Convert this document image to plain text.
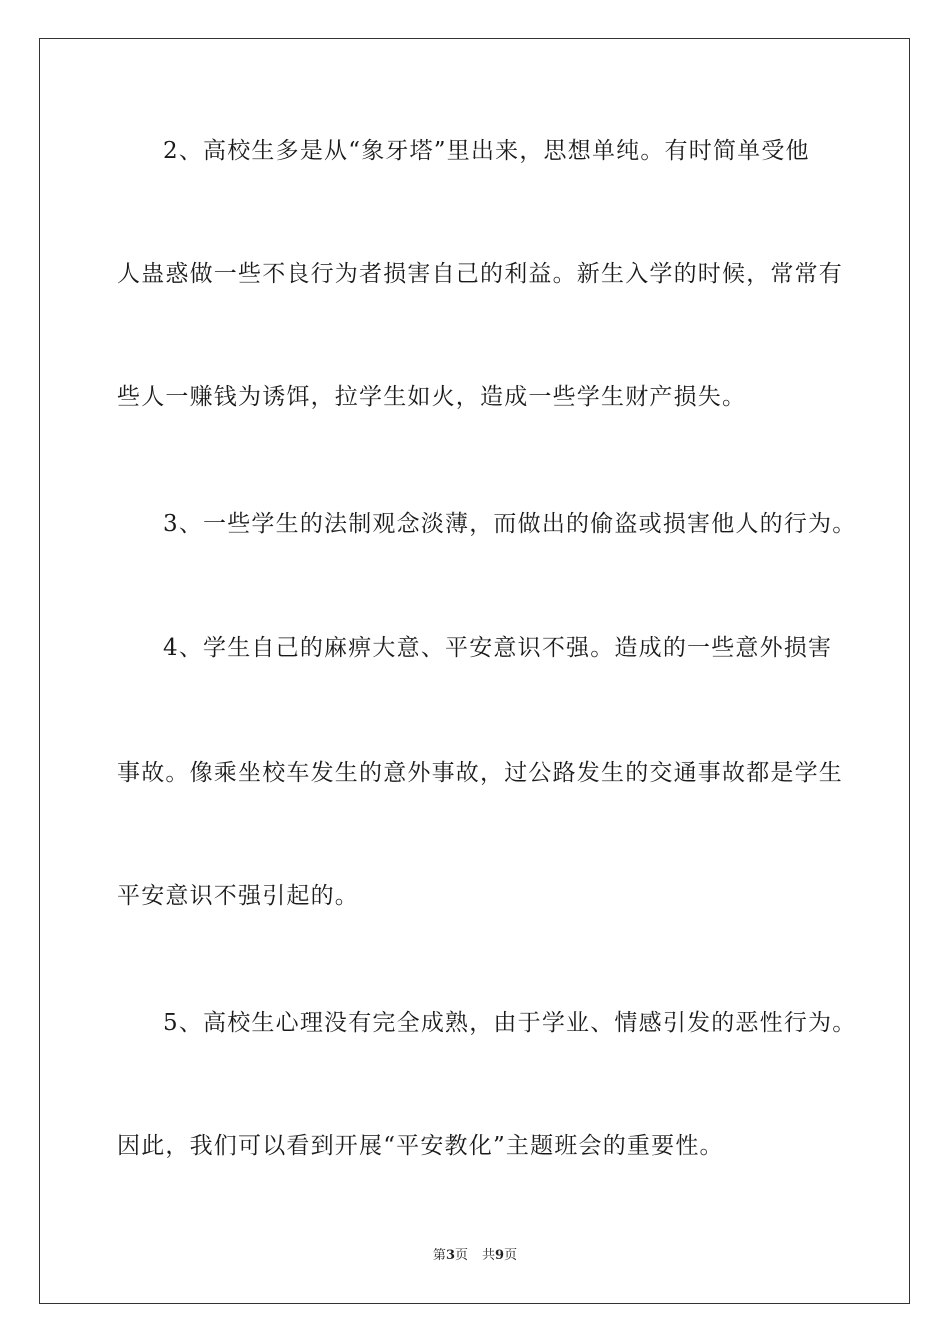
2、高校生多是从“象牙塔”里出来，思想单纯。有时简单受他
人蛊惑做一些不良行为者损害自己的利益。新生入学的时候，常常有
些人一赚钱为诱饵，拉学生如火，造成一些学生财产损失。
3、一些学生的法制观念淡薄，而做出的偷盗或损害他人的行为。
4、学生自己的麻痹大意、平安意识不强。造成的一些意外损害
事故。像乘坐校车发生的意外事故，过公路发生的交通事故都是学生
平安意识不强引起的。
5、高校生心理没有完全成熟，由于学业、情感引发的恶性行为。
因此，我们可以看到开展“平安教化”主题班会的重要性。
第3页 共9页
